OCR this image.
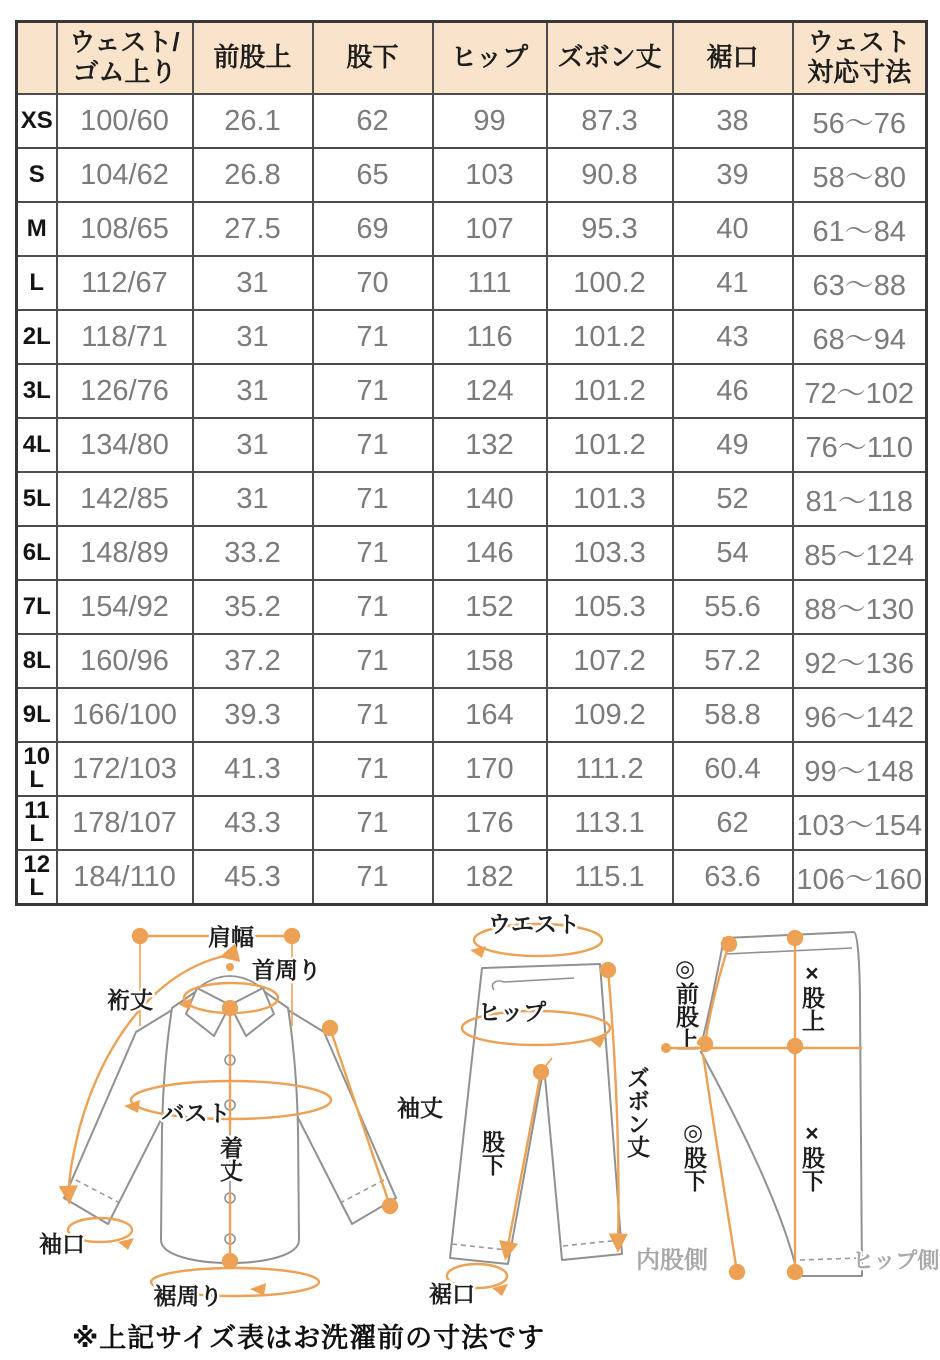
	ウェスト/ゴム上り	前股上	股下	ヒップ	ズボン丈	裾口	ウェスト対応寸法
XS	100/60	26.1	62	99	87.3	38	56〜76
S	104/62	26.8	65	103	90.8	39	58〜80
M	108/65	27.5	69	107	95.3	40	61〜84
L	112/67	31	70	111	100.2	41	63〜88
2L	118/71	31	71	116	101.2	43	68〜94
3L	126/76	31	71	124	101.2	46	72〜102
4L	134/80	31	71	132	101.2	49	76〜110
5L	142/85	31	71	140	101.3	52	81〜118
6L	148/89	33.2	71	146	103.3	54	85〜124
7L	154/92	35.2	71	152	105.3	55.6	88〜130
8L	160/96	37.2	71	158	107.2	57.2	92〜136
9L	166/100	39.3	71	164	109.2	58.8	96〜142
10L	172/103	41.3	71	170	111.2	60.4	99〜148
11L	178/107	43.3	71	176	113.1	62	103〜154
12L	184/110	45.3	71	182	115.1	63.6	106〜160
肩幅
首周り
裄丈
バスト	袖丈
着丈
袖口
裾周り
ウエスト
ヒップ
ズボン丈
股下
裾口
◎前股上	×股上
◎股下	×股下
内股側	ヒップ側
※上記サイズ表はお洗濯前の寸法です
